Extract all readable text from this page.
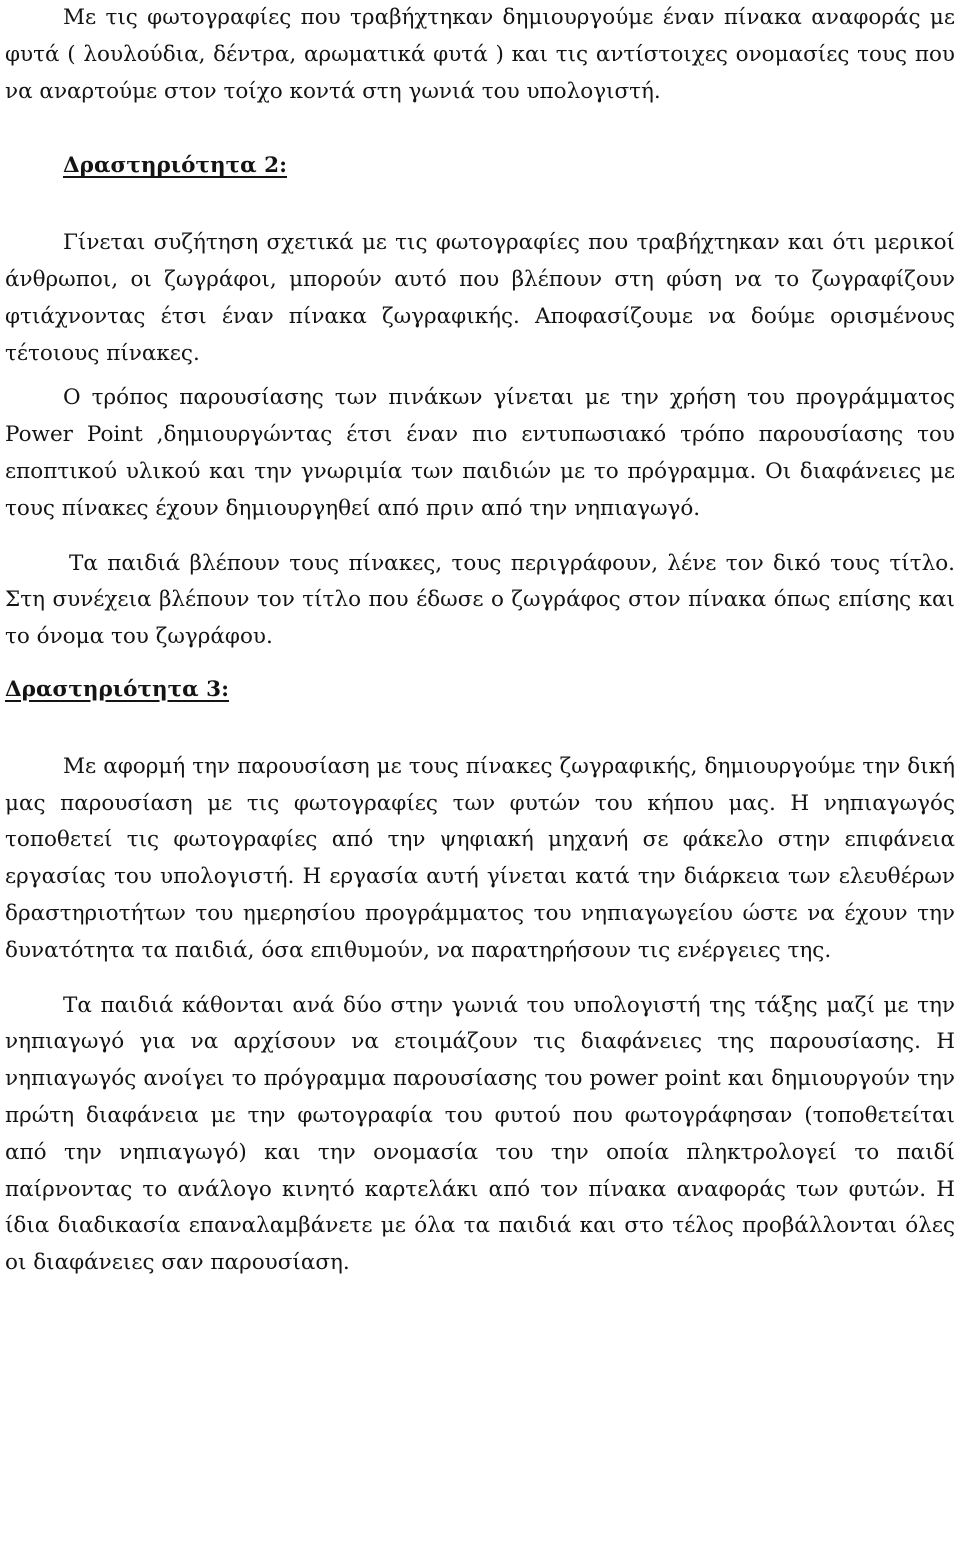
Με τις φωτογραφίες που τραβήχτηκαν δημιουργούμε έναν πίνακα αναφοράς με φυτά ( λουλούδια, δέντρα, αρωματικά φυτά ) και τις αντίστοιχες ονομασίες τους που να αναρτούμε στον τοίχο κοντά στη γωνιά του υπολογιστή.

Δραστηριότητα 2:

Γίνεται συζήτηση σχετικά με τις φωτογραφίες που τραβήχτηκαν και ότι μερικοί άνθρωποι, οι ζωγράφοι, μπορούν αυτό που βλέπουν στη φύση να το ζωγραφίζουν φτιάχνοντας έτσι έναν πίνακα ζωγραφικής. Αποφασίζουμε να δούμε ορισμένους τέτοιους πίνακες.

Ο τρόπος παρουσίασης των πινάκων γίνεται με την χρήση του προγράμματος Power Point ,δημιουργώντας έτσι έναν πιο εντυπωσιακό τρόπο παρουσίασης του εποπτικού υλικού και την γνωριμία των παιδιών με το πρόγραμμα. Οι διαφάνειες με τους πίνακες έχουν δημιουργηθεί από πριν από την νηπιαγωγό.

Τα παιδιά βλέπουν τους πίνακες, τους περιγράφουν, λένε τον δικό τους τίτλο. Στη συνέχεια βλέπουν τον τίτλο που έδωσε ο ζωγράφος στον πίνακα όπως επίσης και το όνομα του ζωγράφου.

Δραστηριότητα 3:

Με αφορμή την παρουσίαση με τους πίνακες ζωγραφικής, δημιουργούμε την δική μας παρουσίαση με τις φωτογραφίες των φυτών του κήπου μας. Η νηπιαγωγός τοποθετεί τις φωτογραφίες από την ψηφιακή μηχανή σε φάκελο στην επιφάνεια εργασίας του υπολογιστή. Η εργασία αυτή γίνεται κατά την διάρκεια των ελευθέρων δραστηριοτήτων του ημερησίου προγράμματος του νηπιαγωγείου ώστε να έχουν την δυνατότητα τα παιδιά, όσα επιθυμούν, να παρατηρήσουν τις ενέργειες της.

Τα παιδιά κάθονται ανά δύο στην γωνιά του υπολογιστή της τάξης μαζί με την νηπιαγωγό για να αρχίσουν να ετοιμάζουν τις διαφάνειες της παρουσίασης. Η νηπιαγωγός ανοίγει το πρόγραμμα παρουσίασης του power point και δημιουργούν την πρώτη διαφάνεια με την φωτογραφία του φυτού που φωτογράφησαν (τοποθετείται από την νηπιαγωγό) και την ονομασία του την οποία πληκτρολογεί το παιδί παίρνοντας το ανάλογο κινητό καρτελάκι από τον πίνακα αναφοράς των φυτών. Η ίδια διαδικασία επαναλαμβάνετε με όλα τα παιδιά και στο τέλος προβάλλονται όλες οι διαφάνειες σαν παρουσίαση.
